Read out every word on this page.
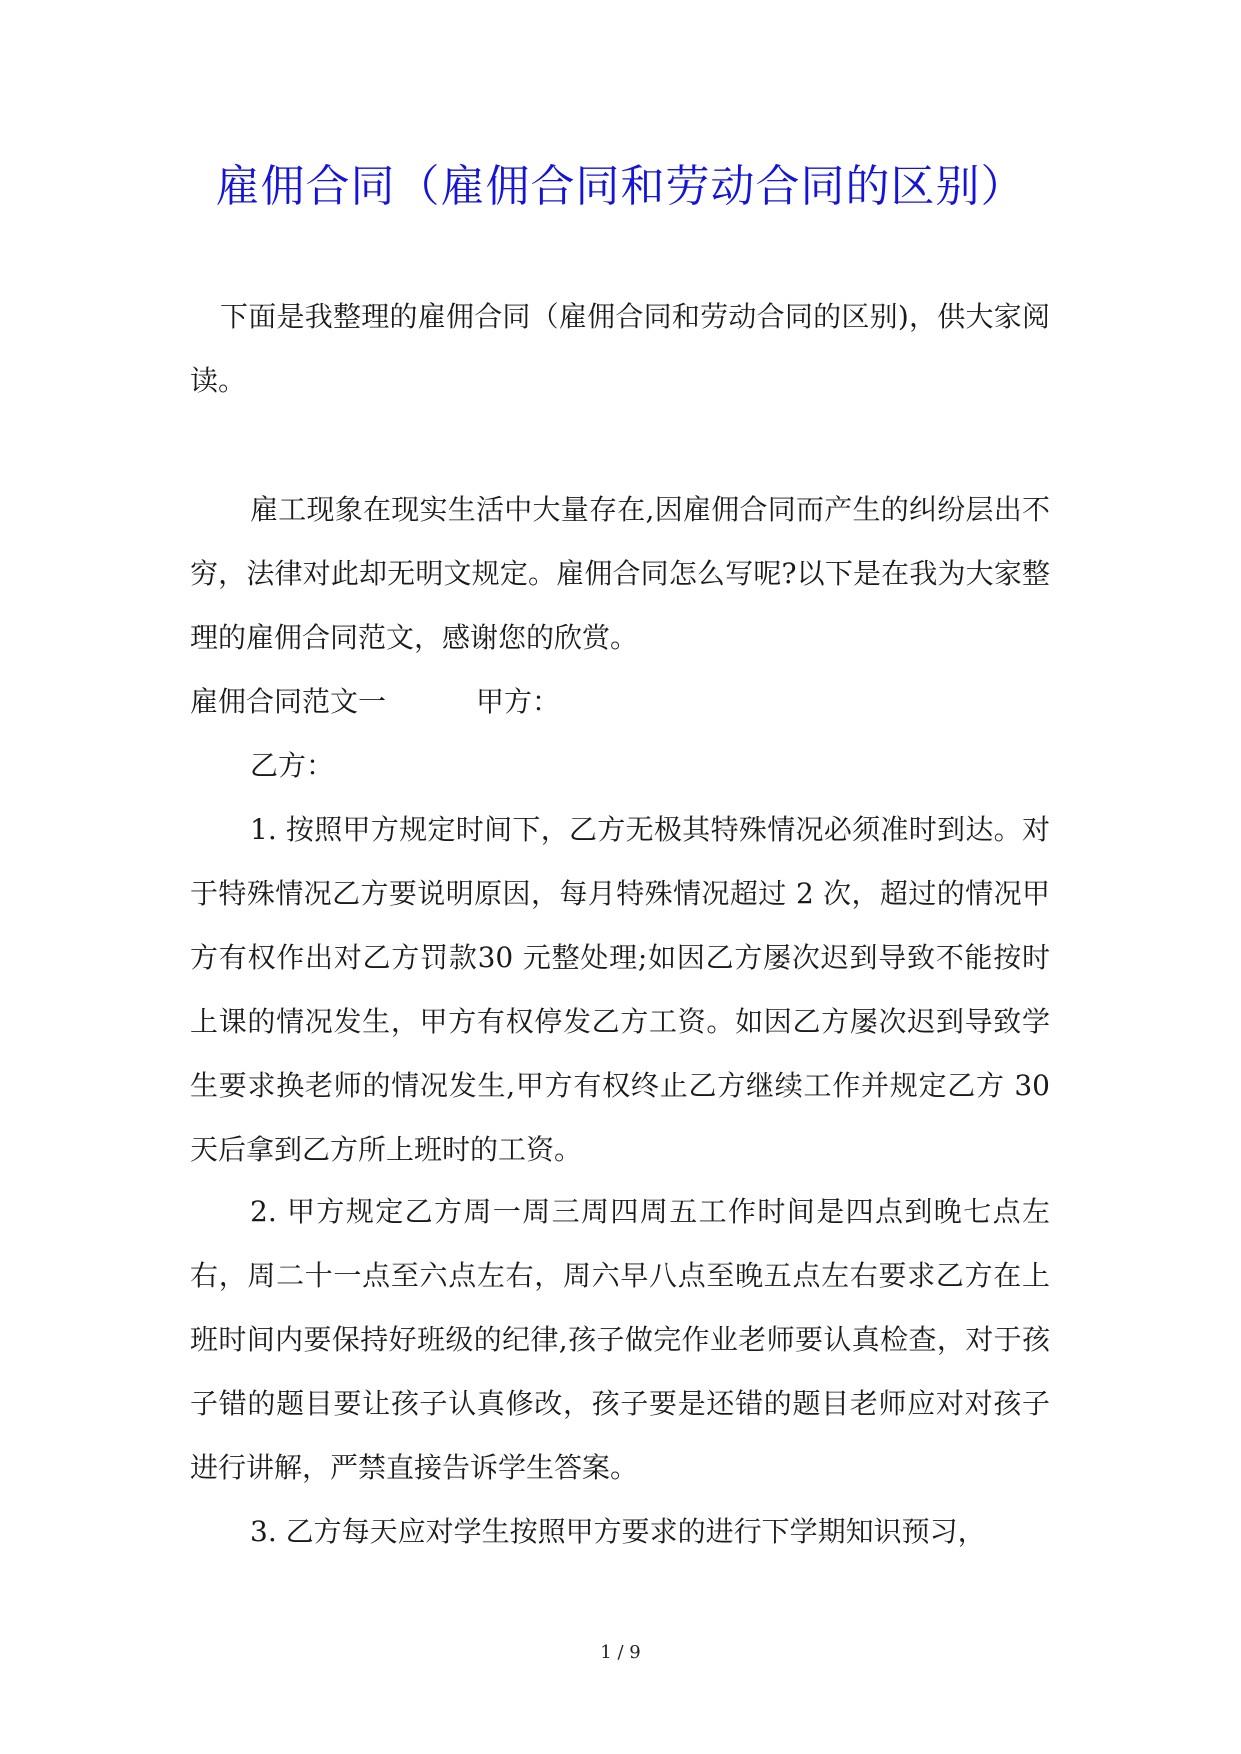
雇佣合同（雇佣合同和劳动合同的区别）

下面是我整理的雇佣合同（雇佣合同和劳动合同的区别)，供大家阅读。

雇工现象在现实生活中大量存在,因雇佣合同而产生的纠纷层出不穷，法律对此却无明文规定。雇佣合同怎么写呢?以下是在我为大家整理的雇佣合同范文，感谢您的欣赏。

雇佣合同范文一	甲方：

乙方：

1. 按照甲方规定时间下，乙方无极其特殊情况必须准时到达。对于特殊情况乙方要说明原因，每月特殊情况超过 2 次，超过的情况甲方有权作出对乙方罚款30 元整处理;如因乙方屡次迟到导致不能按时上课的情况发生，甲方有权停发乙方工资。如因乙方屡次迟到导致学生要求换老师的情况发生,甲方有权终止乙方继续工作并规定乙方 30 天后拿到乙方所上班时的工资。

2. 甲方规定乙方周一周三周四周五工作时间是四点到晚七点左右，周二十一点至六点左右，周六早八点至晚五点左右要求乙方在上班时间内要保持好班级的纪律,孩子做完作业老师要认真检查，对于孩子错的题目要让孩子认真修改，孩子要是还错的题目老师应对对孩子进行讲解，严禁直接告诉学生答案。

3. 乙方每天应对学生按照甲方要求的进行下学期知识预习，

1 / 9
